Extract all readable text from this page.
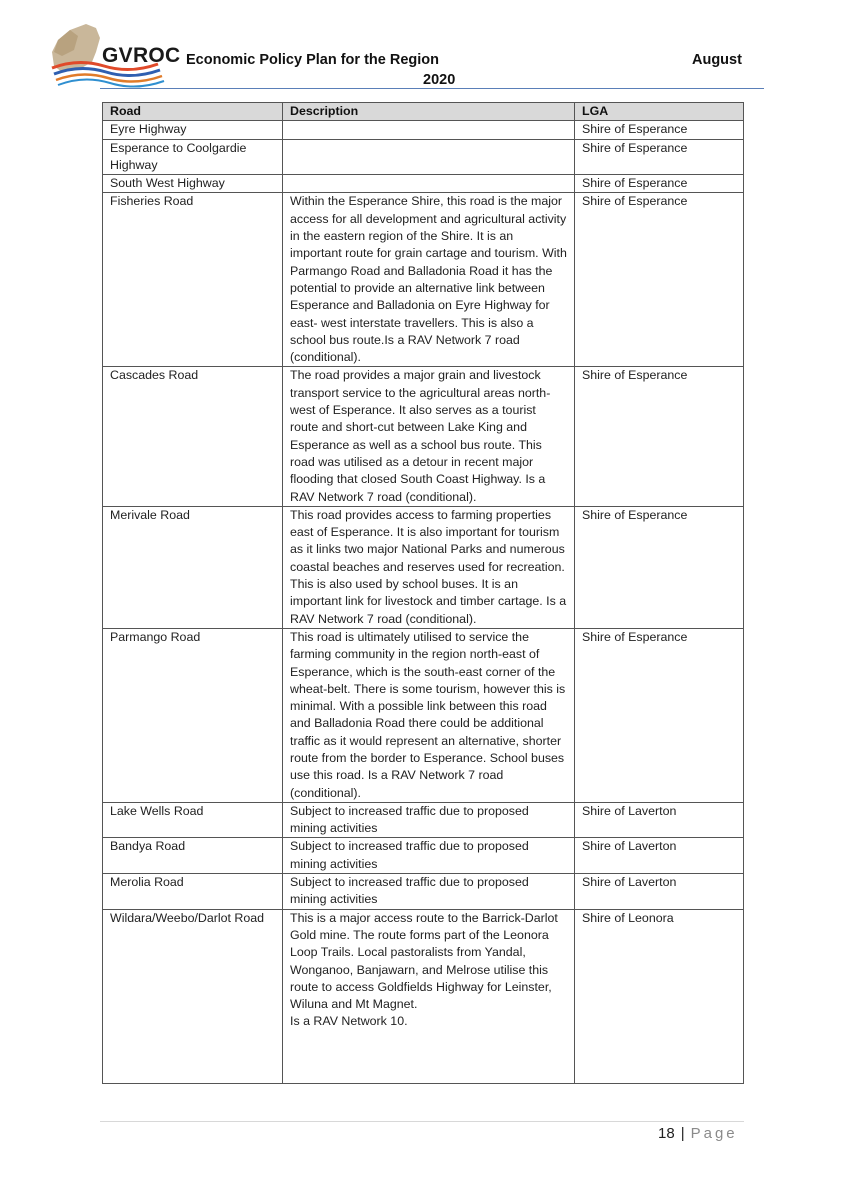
GVROC Economic Policy Plan for the Region	August
2020
Road	Description	LGA
Eyre Highway		Shire of Esperance
Esperance to Coolgardie Highway		Shire of Esperance
South West Highway		Shire of Esperance
Fisheries Road	Within the Esperance Shire, this road is the major access for all development and agricultural activity in the eastern region of the Shire. It is an important route for grain cartage and tourism. With Parmango Road and Balladonia Road it has the potential to provide an alternative link between Esperance and Balladonia on Eyre Highway for east- west interstate travellers. This is also a school bus route.Is a RAV Network 7 road (conditional).	Shire of Esperance
Cascades Road	The road provides a major grain and livestock transport service to the agricultural areas north-west of Esperance. It also serves as a tourist route and short-cut between Lake King and Esperance as well as a school bus route. This road was utilised as a detour in recent major flooding that closed South Coast Highway. Is a RAV Network 7 road (conditional).	Shire of Esperance
Merivale Road	This road provides access to farming properties east of Esperance. It is also important for tourism as it links two major National Parks and numerous coastal beaches and reserves used for recreation. This is also used by school buses. It is an important link for livestock and timber cartage. Is a RAV Network 7 road (conditional).	Shire of Esperance
Parmango Road	This road is ultimately utilised to service the farming community in the region north-east of Esperance, which is the south-east corner of the wheat-belt. There is some tourism, however this is minimal. With a possible link between this road and Balladonia Road there could be additional traffic as it would represent an alternative, shorter route from the border to Esperance. School buses use this road. Is a RAV Network 7 road (conditional).	Shire of Esperance
Lake Wells Road	Subject to increased traffic due to proposed mining activities	Shire of Laverton
Bandya Road	Subject to increased traffic due to proposed mining activities	Shire of Laverton
Merolia Road	Subject to increased traffic due to proposed mining activities	Shire of Laverton
Wildara/Weebo/Darlot Road	This is a major access route to the Barrick-Darlot Gold mine. The route forms part of the Leonora Loop Trails. Local pastoralists from Yandal, Wonganoo, Banjawarn, and Melrose utilise this route to access Goldfields Highway for Leinster, Wiluna and Mt Magnet.
Is a RAV Network 10.	Shire of Leonora
18 | Page
